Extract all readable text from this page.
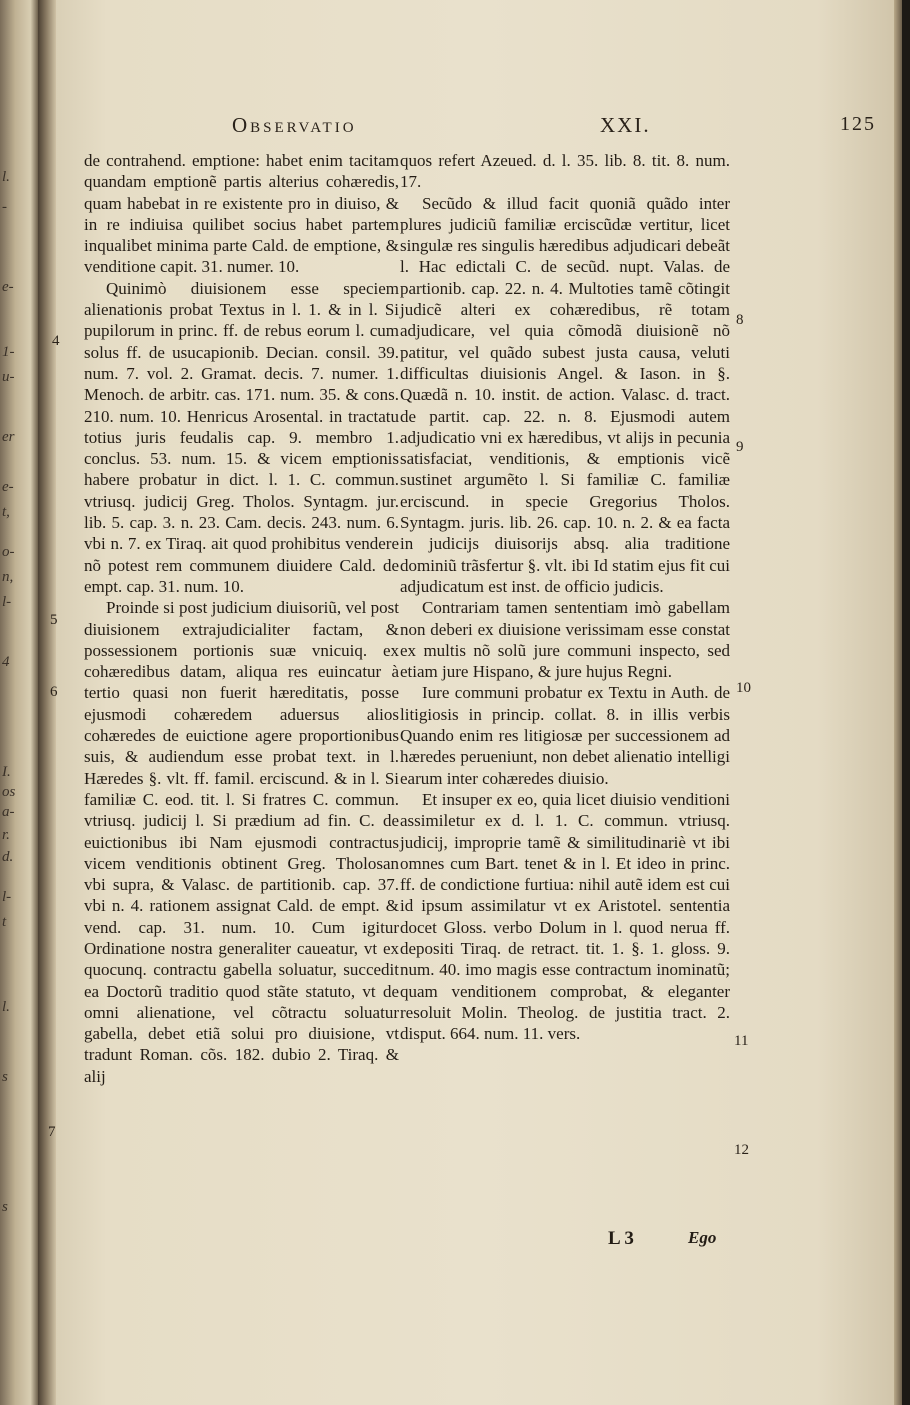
l.
-
e-
1-
u-
er
e-
t,
o-
n,
l-
4
I.
os
a-
r.
d.
l-
t
l.
s
s
Observatio	XXI.	125

de contrahend. emptione: habet enim tacitam quandam emptionẽ partis alterius cohæredis, quam habebat in re existente pro in diuiso, & in re indiuisa quilibet socius habet partem inqualibet minima parte Cald. de emptione, & venditione capit. 31. numer. 10.

Quinimò diuisionem esse speciem alienationis probat Textus in l. 1. & in l. Si pupilorum in princ. ff. de rebus eorum l. cum solus ff. de usucapionib. Decian. consil. 39. num. 7. vol. 2. Gramat. decis. 7. numer. 1. Menoch. de arbitr. cas. 171. num. 35. & cons. 210. num. 10. Henricus Arosental. in tractatu totius juris feudalis cap. 9. membro 1. conclus. 53. num. 15. & vicem emptionis habere probatur in dict. l. 1. C. commun. vtriusq. judicij Greg. Tholos. Syntagm. jur. lib. 5. cap. 3. n. 23. Cam. decis. 243. num. 6. vbi n. 7. ex Tiraq. ait quod prohibitus vendere nõ potest rem communem diuidere Cald. de empt. cap. 31. num. 10.

Proinde si post judicium diuisoriũ, vel post diuisionem extrajudicialiter factam, & possessionem portionis suæ vnicuiq. ex cohæredibus datam, aliqua res euincatur à tertio quasi non fuerit hæreditatis, posse ejusmodi cohæredem aduersus alios cohæredes de euictione agere proportionibus suis, & audiendum esse probat text. in l. Hæredes §. vlt. ff. famil. erciscund. & in l. Si familiæ C. eod. tit. l. Si fratres C. commun. vtriusq. judicij l. Si prædium ad fin. C. de euictionibus ibi Nam ejusmodi contractus vicem venditionis obtinent Greg. Tholosan vbi supra, & Valasc. de partitionib. cap. 37. vbi n. 4. rationem assignat Cald. de empt. & vend. cap. 31. num. 10. Cum igitur Ordinatione nostra generaliter caueatur, vt ex quocunq. contractu gabella soluatur, succedit ea Doctorũ traditio quod stãte statuto, vt de omni alienatione, vel cõtractu soluatur gabella, debet etiã solui pro diuisione, vt tradunt Roman. cõs. 182. dubio 2. Tiraq. & alij

quos refert Azeued. d. l. 35. lib. 8. tit. 8. num. 17.

Secũdo & illud facit quoniã quãdo inter plures judiciũ familiæ erciscũdæ vertitur, licet singulæ res singulis hæredibus adjudicari debeãt l. Hac edictali C. de secũd. nupt. Valas. de partionib. cap. 22. n. 4. Multoties tamẽ cõtingit judicẽ alteri ex cohæredibus, rẽ totam adjudicare, vel quia cõmodã diuisionẽ nõ patitur, vel quãdo subest justa causa, veluti difficultas diuisionis Angel. & Iason. in §. Quædã n. 10. instit. de action. Valasc. d. tract. de partit. cap. 22. n. 8. Ejusmodi autem adjudicatio vni ex hæredibus, vt alijs in pecunia satisfaciat, venditionis, & emptionis vicẽ sustinet argumẽto l. Si familiæ C. familiæ erciscund. in specie Gregorius Tholos. Syntagm. juris. lib. 26. cap. 10. n. 2. & ea facta in judicijs diuisorijs absq. alia traditione dominiũ trãsfertur §. vlt. ibi Id statim ejus fit cui adjudicatum est inst. de officio judicis.

Contrariam tamen sententiam imò gabellam non deberi ex diuisione verissimam esse constat ex multis nõ solũ jure communi inspecto, sed etiam jure Hispano, & jure hujus Regni.

Iure communi probatur ex Textu in Auth. de litigiosis in princip. collat. 8. in illis verbis Quando enim res litigiosæ per successionem ad hæredes perueniunt, non debet alienatio intelligi earum inter cohæredes diuisio.

Et insuper ex eo, quia licet diuisio venditioni assimiletur ex d. l. 1. C. commun. vtriusq. judicij, improprie tamẽ & similitudinariè vt ibi omnes cum Bart. tenet & in l. Et ideo in princ. ff. de condictione furtiua: nihil autẽ idem est cui id ipsum assimilatur vt ex Aristotel. sententia docet Gloss. verbo Dolum in l. quod nerua ff. depositi Tiraq. de retract. tit. 1. §. 1. gloss. 9. num. 40. imo magis esse contractum inominatũ; quam venditionem comprobat, & eleganter resoluit Molin. Theolog. de justitia tract. 2. disput. 664. num. 11. vers.

4
5
6
7
8
9
10
11
12
L 3	Ego
